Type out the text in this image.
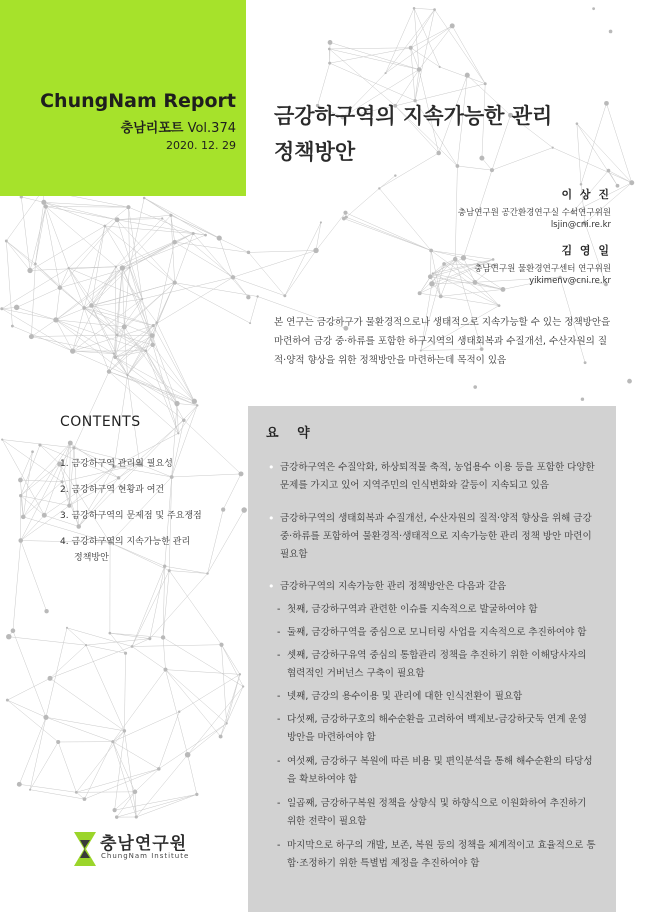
ChungNam Report
충남리포트 Vol.374
2020. 12. 29
금강하구역의 지속가능한 관리
정책방안
이 상 진
충남연구원 공간환경연구실 수석연구위원
lsjin@cni.re.kr
김 영 일
충남연구원 물환경연구센터 연구위원
yikimenv@cni.re.kr
본 연구는 금강하구가 물환경적으로나 생태적으로 지속가능할 수 있는 정책방안을 마련하여 금강 중·하류를 포함한 하구지역의 생태회복과 수질개선, 수산자원의 질적·양적 향상을 위한 정책방안을 마련하는데 목적이 있음
CONTENTS
1. 금강하구역 관리의 필요성
2. 금강하구역 현황과 여건
3. 금강하구역의 문제점 및 주요쟁점
4. 금강하구역의 지속가능한 관리
정책방안
요 약
• 금강하구역은 수질악화, 하상퇴적물 축적, 농업용수 이용 등을 포함한 다양한 문제를 가지고 있어 지역주민의 인식변화와 갈등이 지속되고 있음
• 금강하구역의 생태회복과 수질개선, 수산자원의 질적·양적 향상을 위해 금강 중·하류를 포함하여 물환경적·생태적으로 지속가능한 관리 정책 방안 마련이 필요함
• 금강하구역의 지속가능한 관리 정책방안은 다음과 같음
- 첫째, 금강하구역과 관련한 이슈를 지속적으로 발굴하여야 함
- 둘째, 금강하구역을 중심으로 모니터링 사업을 지속적으로 추진하여야 함
- 셋째, 금강하구유역 중심의 통합관리 정책을 추진하기 위한 이해당사자의 협력적인 거버넌스 구축이 필요함
- 넷째, 금강의 용수이용 및 관리에 대한 인식전환이 필요함
- 다섯째, 금강하구호의 해수순환을 고려하여 백제보-금강하굿둑 연계 운영 방안을 마련하여야 함
- 여섯째, 금강하구 복원에 따른 비용 및 편익분석을 통해 해수순환의 타당성을 확보하여야 함
- 일곱째, 금강하구복원 정책을 상향식 및 하향식으로 이원화하여 추진하기 위한 전략이 필요함
- 마지막으로 하구의 개발, 보존, 복원 등의 정책을 체계적이고 효율적으로 통합·조정하기 위한 특별법 제정을 추진하여야 함
충남연구원
ChungNam Institute
